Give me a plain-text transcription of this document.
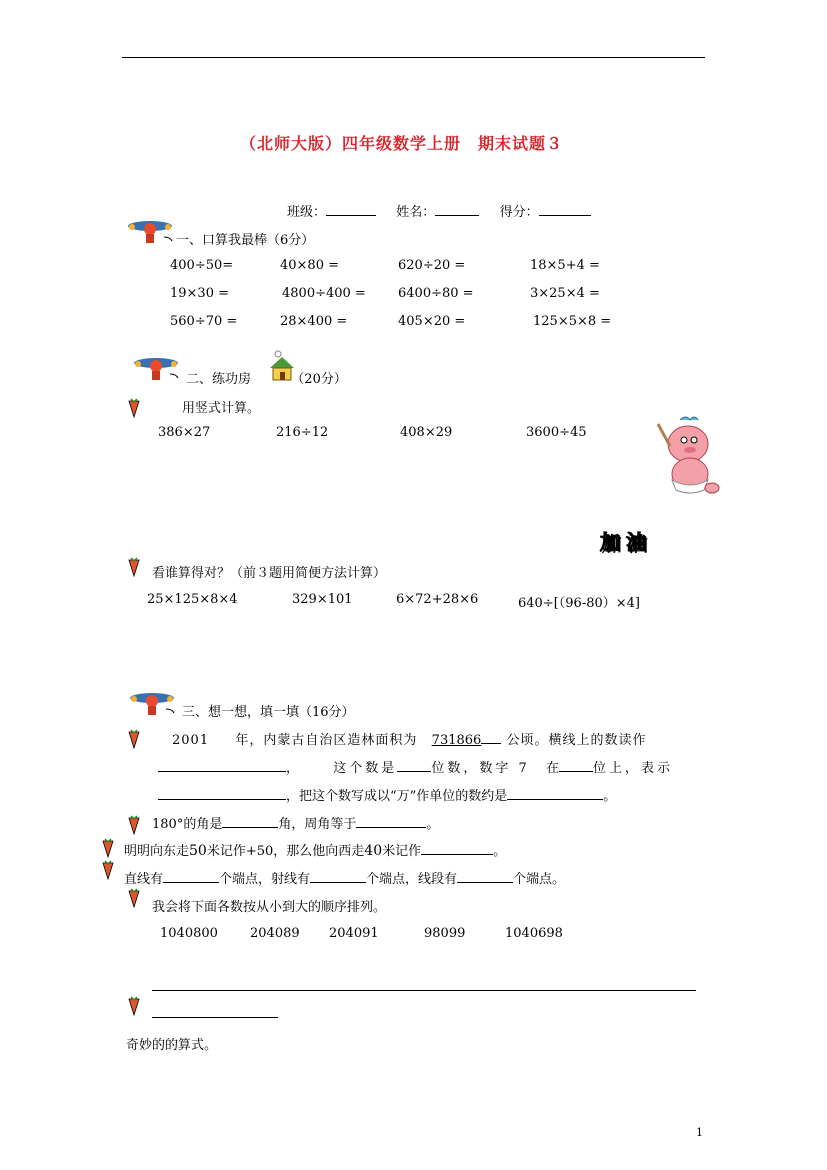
（北师大版）四年级数学上册　期末试题３
班级：	姓名：	得分：
一、口算我最棒（6分）
400÷50=	40×80 =	620÷20 =	18×5+4 =
19×30 =	4800÷400 = 6400÷80 =	3×25×4 =
560÷70 =	28×400 =	405×20 =	125×5×8 =
二、练功房	（20分）
用竖式计算。
386×27	216÷12	408×29	3600÷45
加油
看谁算得对？（前３题用简便方法计算）
25×125×8×4	329×101	6×72+28×6	640÷[（96-80）×4]
三、想一想，填一填（16分）
2001 年，内蒙古自治区造林面积为 731866 公顷。横线上的数读作
，	这个数是	位数，数字 7 在	位上，表示
，把这个数写成以“万”作单位的数约是	。
180°的角是	角，周角等于	。
明明向东走50米记作+50，那么他向西走40米记作	。
直线有	个端点，射线有	个端点，线段有	个端点。
我会将下面各数按从小到大的顺序排列。
1040800 204089 204091	98099	1040698
奇妙的的算式。
1
